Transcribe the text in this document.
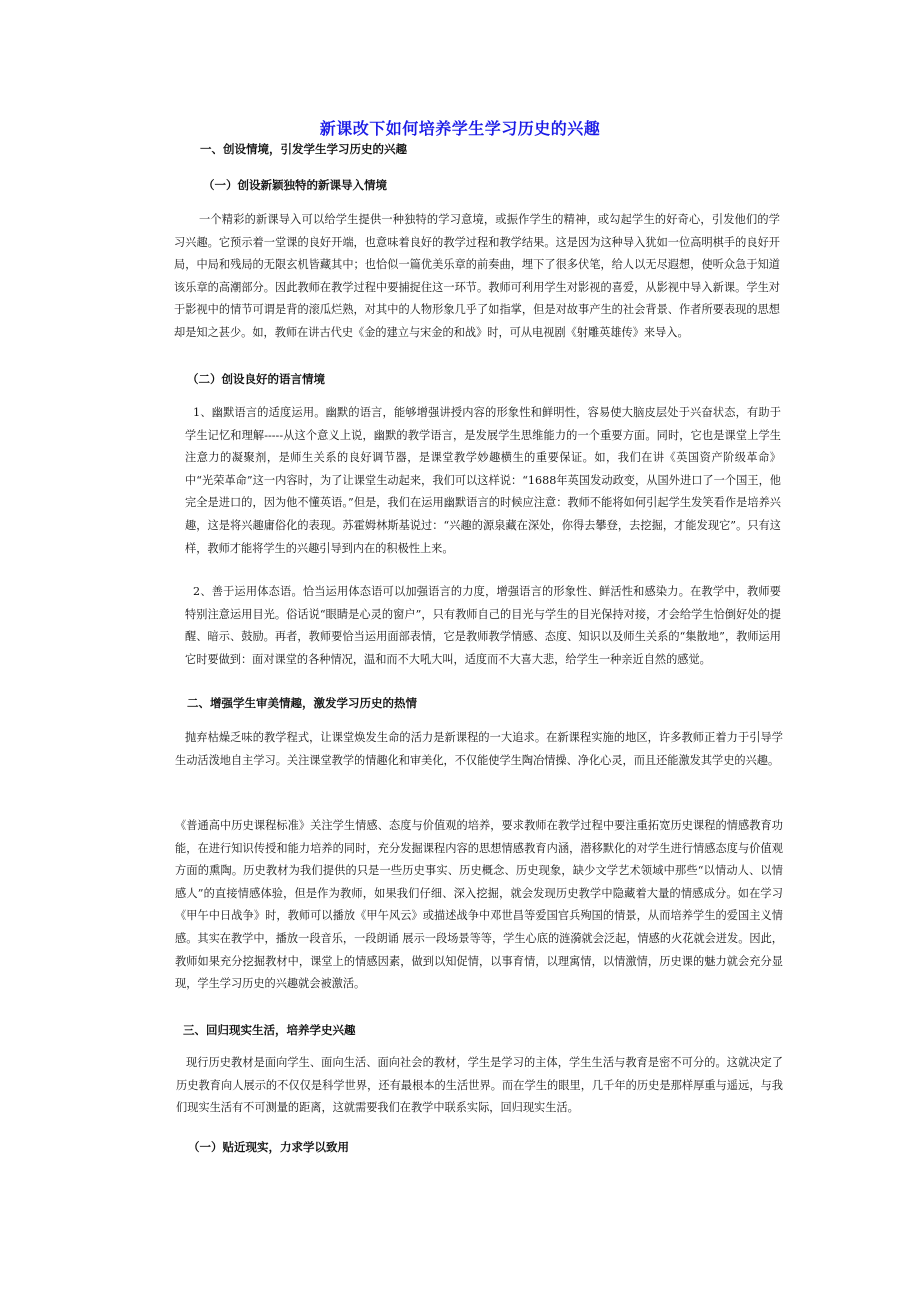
新课改下如何培养学生学习历史的兴趣
一、创设情境，引发学生学习历史的兴趣
（一）创设新颖独特的新课导入情境

一个精彩的新课导入可以给学生提供一种独特的学习意境，或振作学生的精神，或勾起学生的好奇心，引发他们的学习兴趣。它预示着一堂课的良好开端，也意味着良好的教学过程和教学结果。这是因为这种导入犹如一位高明棋手的良好开局，中局和残局的无限玄机皆藏其中；也恰似一篇优美乐章的前奏曲，埋下了很多伏笔，给人以无尽遐想，使听众急于知道该乐章的高潮部分。因此教师在教学过程中要捕捉住这一环节。教师可利用学生对影视的喜爱，从影视中导入新课。学生对于影视中的情节可谓是背的滚瓜烂熟，对其中的人物形象几乎了如指掌，但是对故事产生的社会背景、作者所要表现的思想却是知之甚少。如，教师在讲古代史《金的建立与宋金的和战》时，可从电视剧《射雕英雄传》来导入。

（二）创设良好的语言情境

1、幽默语言的适度运用。幽默的语言，能够增强讲授内容的形象性和鲜明性，容易使大脑皮层处于兴奋状态，有助于学生记忆和理解-----从这个意义上说，幽默的教学语言，是发展学生思维能力的一个重要方面。同时，它也是课堂上学生注意力的凝聚剂，是师生关系的良好调节器，是课堂教学妙趣横生的重要保证。如，我们在讲《英国资产阶级革命》中“光荣革命”这一内容时，为了让课堂生动起来，我们可以这样说：“1688年英国发动政变，从国外进口了一个国王，他完全是进口的，因为他不懂英语。”但是，我们在运用幽默语言的时候应注意：教师不能将如何引起学生发笑看作是培养兴趣，这是将兴趣庸俗化的表现。苏霍姆林斯基说过：“兴趣的源泉藏在深处，你得去攀登，去挖掘，才能发现它”。只有这样，教师才能将学生的兴趣引导到内在的积极性上来。

2、善于运用体态语。恰当运用体态语可以加强语言的力度，增强语言的形象性、鲜活性和感染力。在教学中，教师要特别注意运用目光。俗话说“眼睛是心灵的窗户”，只有教师自己的目光与学生的目光保持对接，才会给学生恰倒好处的提醒、暗示、鼓励。再者，教师要恰当运用面部表情，它是教师教学情感、态度、知识以及师生关系的“集散地”，教师运用它时要做到：面对课堂的各种情况，温和而不大吼大叫，适度而不大喜大悲，给学生一种亲近自然的感觉。

二、增强学生审美情趣，激发学习历史的热情

抛弃枯燥乏味的教学程式，让课堂焕发生命的活力是新课程的一大追求。在新课程实施的地区，许多教师正着力于引导学生动活泼地自主学习。关注课堂教学的情趣化和审美化，不仅能使学生陶冶情操、净化心灵，而且还能激发其学史的兴趣。

《普通高中历史课程标准》关注学生情感、态度与价值观的培养，要求教师在教学过程中要注重拓宽历史课程的情感教育功能，在进行知识传授和能力培养的同时，充分发掘课程内容的思想情感教育内涵，潜移默化的对学生进行情感态度与价值观方面的熏陶。历史教材为我们提供的只是一些历史事实、历史概念、历史现象，缺少文学艺术领域中那些“以情动人、以情感人”的直接情感体验，但是作为教师，如果我们仔细、深入挖掘，就会发现历史教学中隐藏着大量的情感成分。如在学习《甲午中日战争》时，教师可以播放《甲午风云》或描述战争中邓世昌等爱国官兵殉国的情景，从而培养学生的爱国主义情感。其实在教学中，播放一段音乐，一段朗诵 展示一段场景等等，学生心底的涟漪就会泛起，情感的火花就会迸发。因此，教师如果充分挖掘教材中，课堂上的情感因素，做到以知促情，以事育情，以理寓情，以情激情，历史课的魅力就会充分显现，学生学习历史的兴趣就会被激活。

三、回归现实生活，培养学史兴趣

现行历史教材是面向学生、面向生活、面向社会的教材，学生是学习的主体，学生生活与教育是密不可分的。这就决定了历史教育向人展示的不仅仅是科学世界，还有最根本的生活世界。而在学生的眼里，几千年的历史是那样厚重与遥远，与我们现实生活有不可测量的距离，这就需要我们在教学中联系实际，回归现实生活。

（一）贴近现实，力求学以致用
